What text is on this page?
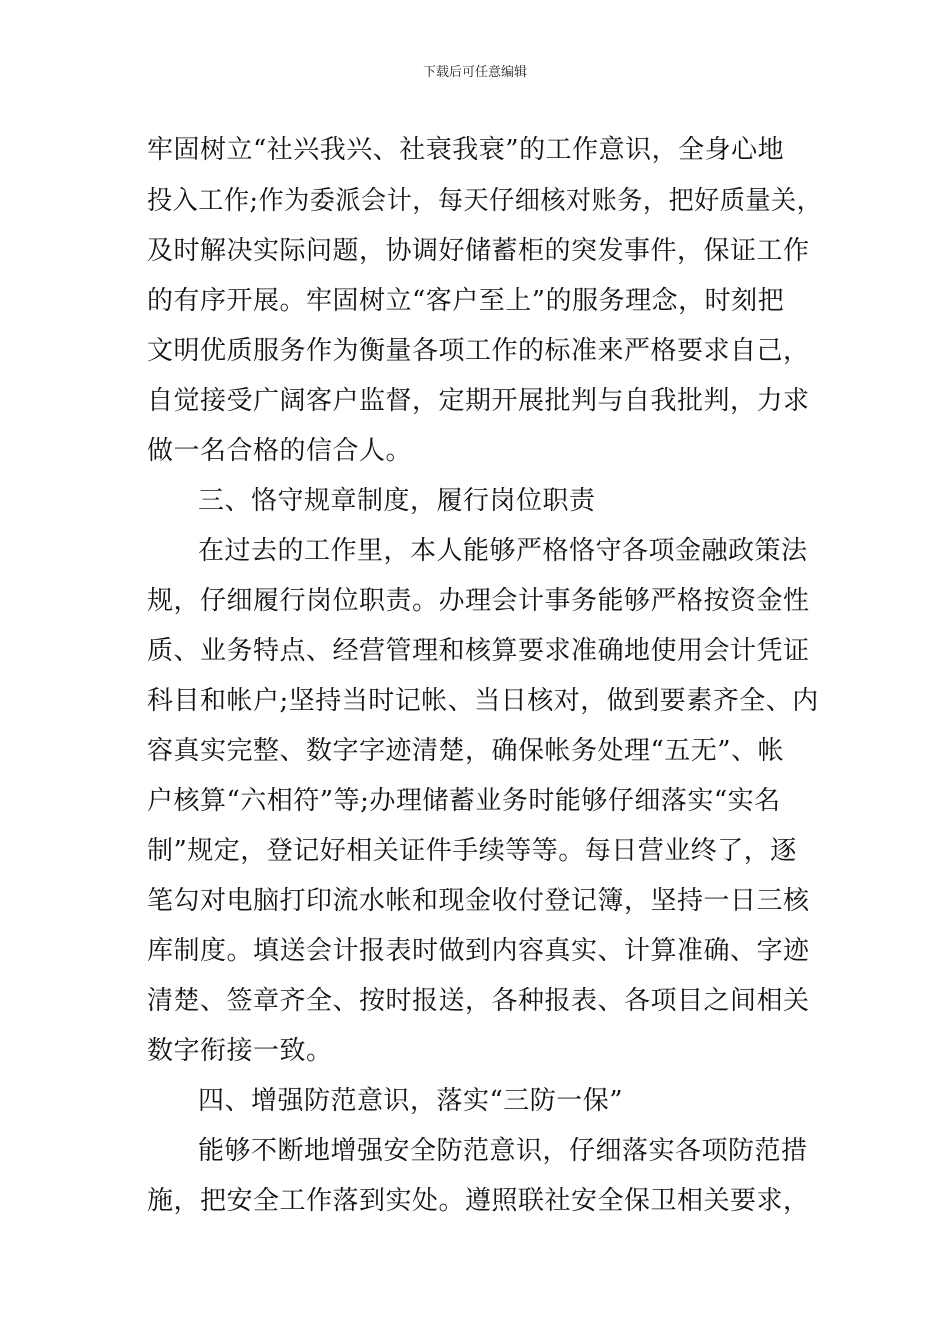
下载后可任意编辑
牢固树立“社兴我兴、社衰我衰”的工作意识，全身心地
投入工作;作为委派会计，每天仔细核对账务，把好质量关，
及时解决实际问题，协调好储蓄柜的突发事件，保证工作
的有序开展。牢固树立“客户至上”的服务理念，时刻把
文明优质服务作为衡量各项工作的标准来严格要求自己，
自觉接受广阔客户监督，定期开展批判与自我批判，力求
做一名合格的信合人。
三、恪守规章制度，履行岗位职责
在过去的工作里，本人能够严格恪守各项金融政策法
规，仔细履行岗位职责。办理会计事务能够严格按资金性
质、业务特点、经营管理和核算要求准确地使用会计凭证
科目和帐户;坚持当时记帐、当日核对，做到要素齐全、内
容真实完整、数字字迹清楚，确保帐务处理“五无”、帐
户核算“六相符”等;办理储蓄业务时能够仔细落实“实名
制”规定，登记好相关证件手续等等。每日营业终了，逐
笔勾对电脑打印流水帐和现金收付登记簿，坚持一日三核
库制度。填送会计报表时做到内容真实、计算准确、字迹
清楚、签章齐全、按时报送，各种报表、各项目之间相关
数字衔接一致。
四、增强防范意识，落实“三防一保”
能够不断地增强安全防范意识，仔细落实各项防范措
施，把安全工作落到实处。遵照联社安全保卫相关要求，
